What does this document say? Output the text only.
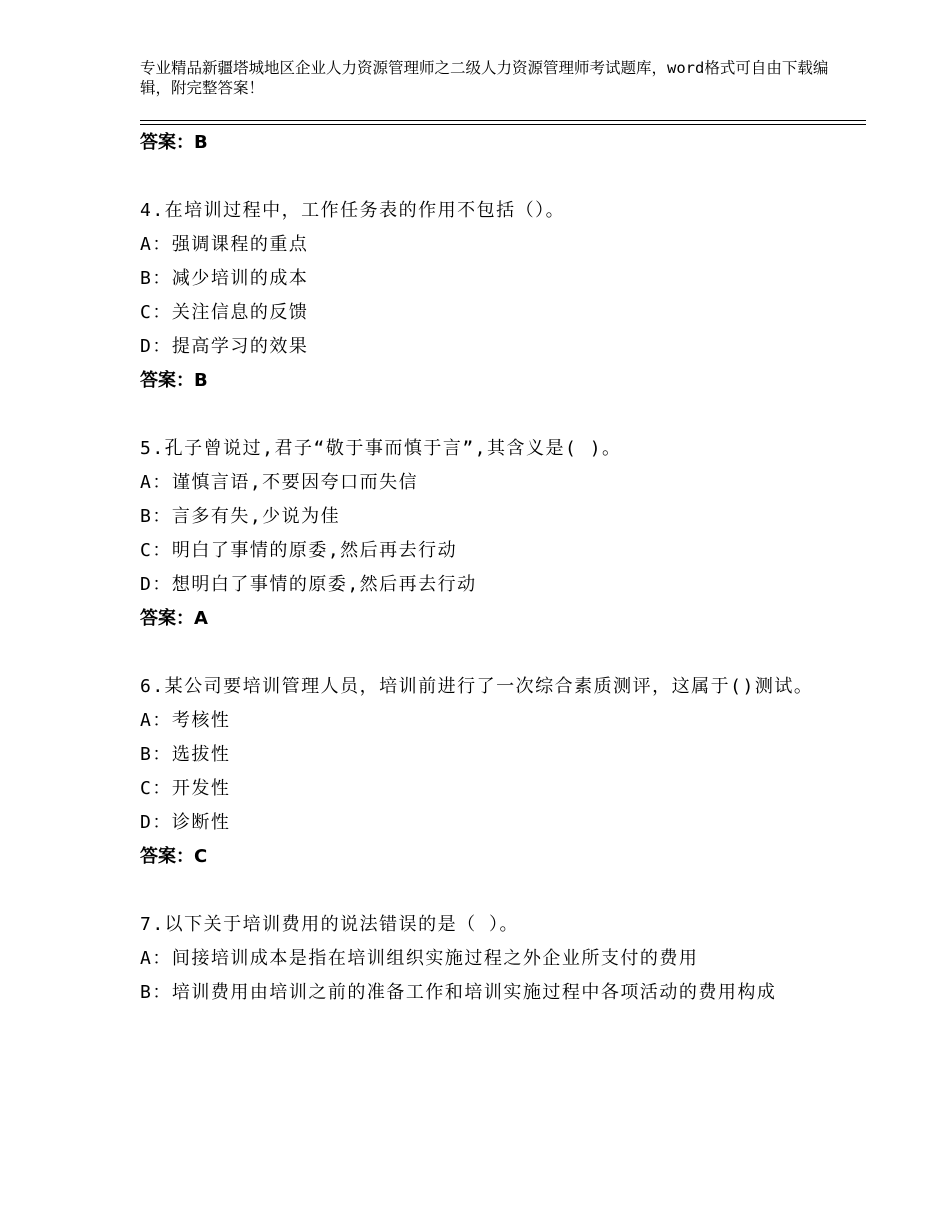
专业精品新疆塔城地区企业人力资源管理师之二级人力资源管理师考试题库，word格式可自由下载编辑，附完整答案！
答案：B
4.在培训过程中，工作任务表的作用不包括（）。
A：强调课程的重点
B：减少培训的成本
C：关注信息的反馈
D：提高学习的效果
答案：B
5.孔子曾说过,君子“敬于事而慎于言”,其含义是( )。
A：谨慎言语,不要因夸口而失信
B：言多有失,少说为佳
C：明白了事情的原委,然后再去行动
D：想明白了事情的原委,然后再去行动
答案：A
6.某公司要培训管理人员，培训前进行了一次综合素质测评，这属于()测试。
A：考核性
B：选拔性
C：开发性
D：诊断性
答案：C
7.以下关于培训费用的说法错误的是（ ）。
A：间接培训成本是指在培训组织实施过程之外企业所支付的费用
B：培训费用由培训之前的准备工作和培训实施过程中各项活动的费用构成
